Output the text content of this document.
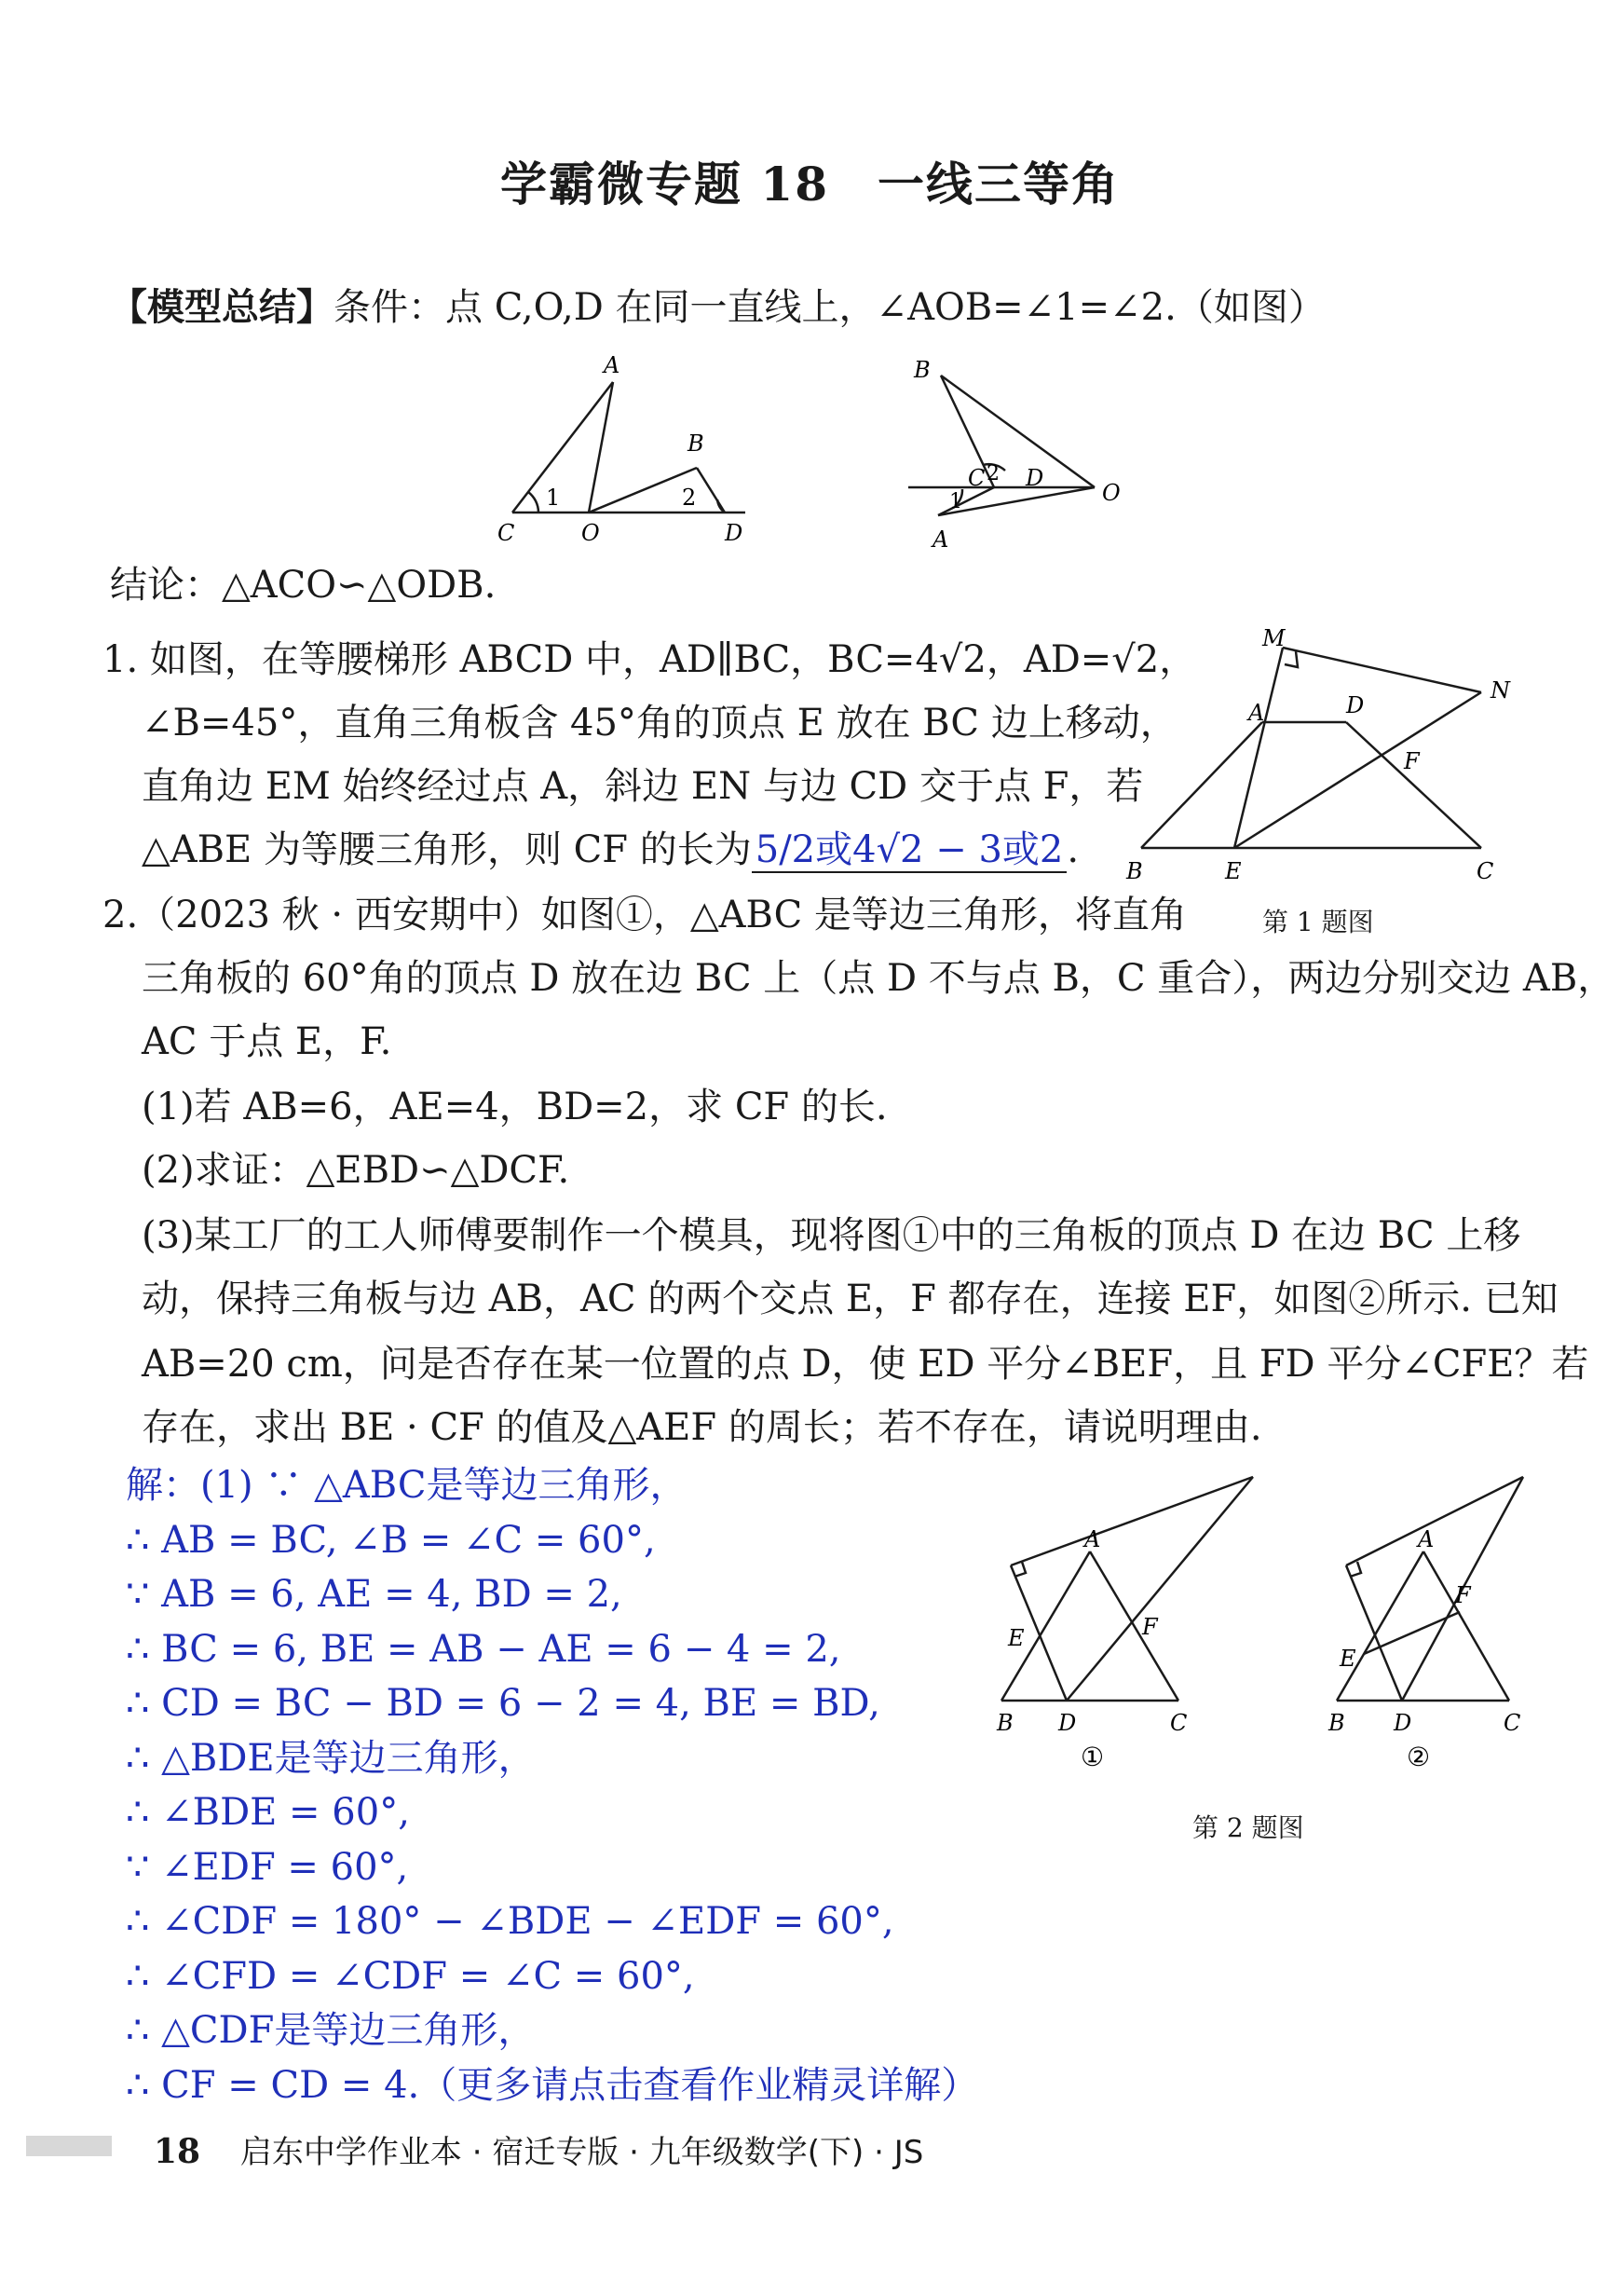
学霸微专题 18　一线三等角
【模型总结】条件：点 C,O,D 在同一直线上，∠AOB=∠1=∠2.（如图）
A
B
C	O	D
1	2
B
C 2 D
O
1
A
结论：△ACO∽△ODB.
1. 如图，在等腰梯形 ABCD 中，AD∥BC，BC=4√2，AD=√2，
∠B=45°，直角三角板含 45°角的顶点 E 放在 BC 边上移动，
直角边 EM 始终经过点 A，斜边 EN 与边 CD 交于点 F，若
△ABE 为等腰三角形，则 CF 的长为 5/2或4√2 − 3或2 .
M
A	D
N
F
B	E	C
第 1 题图
2.（2023 秋 · 西安期中）如图①，△ABC 是等边三角形，将直角
三角板的 60°角的顶点 D 放在边 BC 上（点 D 不与点 B，C 重合），两边分别交边 AB，
AC 于点 E，F.
(1)若 AB=6，AE=4，BD=2，求 CF 的长.
(2)求证：△EBD∽△DCF.
(3)某工厂的工人师傅要制作一个模具，现将图①中的三角板的顶点 D 在边 BC 上移
动，保持三角板与边 AB，AC 的两个交点 E，F 都存在，连接 EF，如图②所示. 已知
AB=20 cm，问是否存在某一位置的点 D，使 ED 平分∠BEF，且 FD 平分∠CFE？若
存在，求出 BE · CF 的值及△AEF 的周长；若不存在，请说明理由.
解：(1) ∵ △ABC是等边三角形，
∴ AB = BC, ∠B = ∠C = 60°,
∵ AB = 6, AE = 4, BD = 2,
∴ BC = 6, BE = AB − AE = 6 − 4 = 2,
∴ CD = BC − BD = 6 − 2 = 4, BE = BD,
∴ △BDE是等边三角形，
∴ ∠BDE = 60°,
∵ ∠EDF = 60°,
∴ ∠CDF = 180° − ∠BDE − ∠EDF = 60°,
∴ ∠CFD = ∠CDF = ∠C = 60°,
∴ △CDF是等边三角形，
∴ CF = CD = 4.（更多请点击查看作业精灵详解）
A
E	F
B D	C
①
A
E
F
B D	C
②
第 2 题图
18 启东中学作业本 · 宿迁专版 · 九年级数学(下) · JS
